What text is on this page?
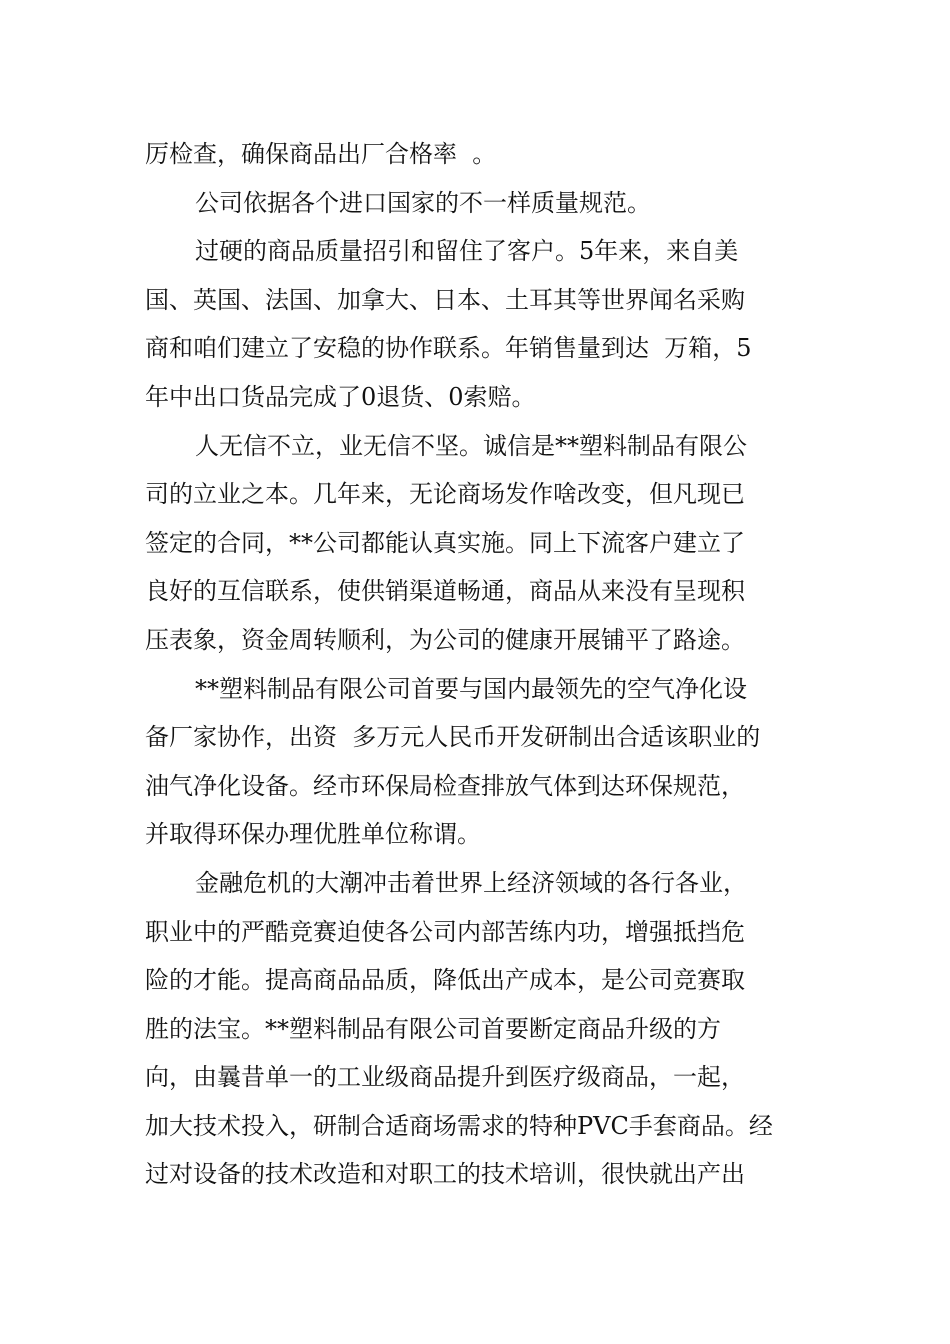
厉检查，确保商品出厂合格率  。

公司依据各个进口国家的不一样质量规范。

过硬的商品质量招引和留住了客户。5年来，来自美

国、英国、法国、加拿大、日本、土耳其等世界闻名采购

商和咱们建立了安稳的协作联系。年销售量到达  万箱，5

年中出口货品完成了0退货、0索赔。

人无信不立，业无信不坚。诚信是**塑料制品有限公

司的立业之本。几年来，无论商场发作啥改变，但凡现已

签定的合同，**公司都能认真实施。同上下流客户建立了

良好的互信联系，使供销渠道畅通，商品从来没有呈现积

压表象，资金周转顺利，为公司的健康开展铺平了路途。

**塑料制品有限公司首要与国内最领先的空气净化设

备厂家协作，出资  多万元人民币开发研制出合适该职业的

油气净化设备。经市环保局检查排放气体到达环保规范，

并取得环保办理优胜单位称谓。

金融危机的大潮冲击着世界上经济领域的各行各业，

职业中的严酷竞赛迫使各公司内部苦练内功，增强抵挡危

险的才能。提高商品品质，降低出产成本，是公司竞赛取

胜的法宝。**塑料制品有限公司首要断定商品升级的方

向，由曩昔单一的工业级商品提升到医疗级商品，一起，

加大技术投入，研制合适商场需求的特种PVC手套商品。经

过对设备的技术改造和对职工的技术培训，很快就出产出
